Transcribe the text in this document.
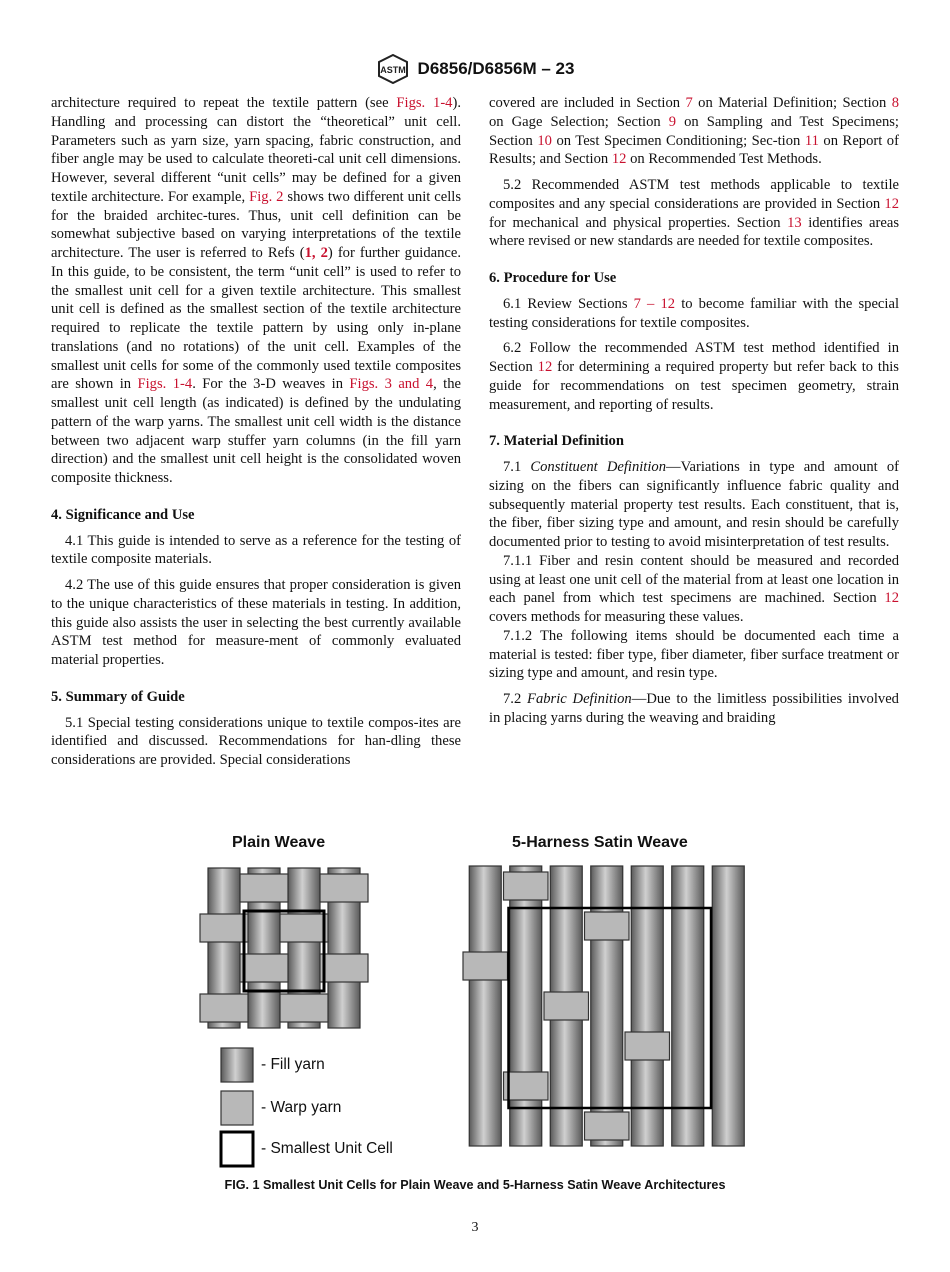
ASTM D6856/D6856M – 23

architecture required to repeat the textile pattern (see Figs. 1-4). Handling and processing can distort the “theoretical” unit cell. Parameters such as yarn size, yarn spacing, fabric construction, and fiber angle may be used to calculate theoreti-cal unit cell dimensions. However, several different “unit cells” may be defined for a given textile architecture. For example, Fig. 2 shows two different unit cells for the braided architec-tures. Thus, unit cell definition can be somewhat subjective based on varying interpretations of the textile architecture. The user is referred to Refs (1, 2) for further guidance. In this guide, to be consistent, the term “unit cell” is used to refer to the smallest unit cell for a given textile architecture. This smallest unit cell is defined as the smallest section of the textile architecture required to replicate the textile pattern by using only in-plane translations (and no rotations) of the unit cell. Examples of the smallest unit cells for some of the commonly used textile composites are shown in Figs. 1-4. For the 3-D weaves in Figs. 3 and 4, the smallest unit cell length (as indicated) is defined by the undulating pattern of the warp yarns. The smallest unit cell width is the distance between two adjacent warp stuffer yarn columns (in the fill yarn direction) and the smallest unit cell height is the consolidated woven composite thickness.

4. Significance and Use

4.1 This guide is intended to serve as a reference for the testing of textile composite materials.

4.2 The use of this guide ensures that proper consideration is given to the unique characteristics of these materials in testing. In addition, this guide also assists the user in selecting the best currently available ASTM test method for measure-ment of commonly evaluated material properties.

5. Summary of Guide

5.1 Special testing considerations unique to textile compos-ites are identified and discussed. Recommendations for han-dling these considerations are provided. Special considerations

covered are included in Section 7 on Material Definition; Section 8 on Gage Selection; Section 9 on Sampling and Test Specimens; Section 10 on Test Specimen Conditioning; Sec-tion 11 on Report of Results; and Section 12 on Recommended Test Methods.

5.2 Recommended ASTM test methods applicable to textile composites and any special considerations are provided in Section 12 for mechanical and physical properties. Section 13 identifies areas where revised or new standards are needed for textile composites.

6. Procedure for Use

6.1 Review Sections 7 – 12 to become familiar with the special testing considerations for textile composites.

6.2 Follow the recommended ASTM test method identified in Section 12 for determining a required property but refer back to this guide for recommendations on test specimen geometry, strain measurement, and reporting of results.

7. Material Definition

7.1 Constituent Definition—Variations in type and amount of sizing on the fibers can significantly influence fabric quality and subsequently material property test results. Each constituent, that is, the fiber, fiber sizing type and amount, and resin should be carefully documented prior to testing to avoid misinterpretation of test results.

7.1.1 Fiber and resin content should be measured and recorded using at least one unit cell of the material from at least one location in each panel from which test specimens are machined. Section 12 covers methods for measuring these values.

7.1.2 The following items should be documented each time a material is tested: fiber type, fiber diameter, fiber surface treatment or sizing type and amount, and resin type.

7.2 Fabric Definition—Due to the limitless possibilities involved in placing yarns during the weaving and braiding

Plain Weave	5-Harness Satin Weave
- Fill yarn
- Warp yarn
- Smallest Unit Cell
FIG. 1 Smallest Unit Cells for Plain Weave and 5-Harness Satin Weave Architectures
3
